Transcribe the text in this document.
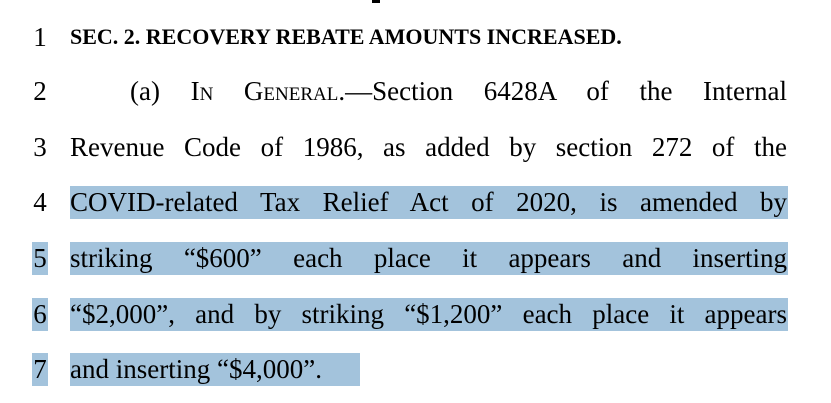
1 SEC. 2. RECOVERY REBATE AMOUNTS INCREASED.
2	(a) In General.—Section 6428A of the Internal
3 Revenue Code of 1986, as added by section 272 of the
4 COVID-related Tax Relief Act of 2020, is amended by
5 striking “$600” each place it appears and inserting
6 “$2,000”, and by striking “$1,200” each place it appears
7 and inserting “$4,000”.
